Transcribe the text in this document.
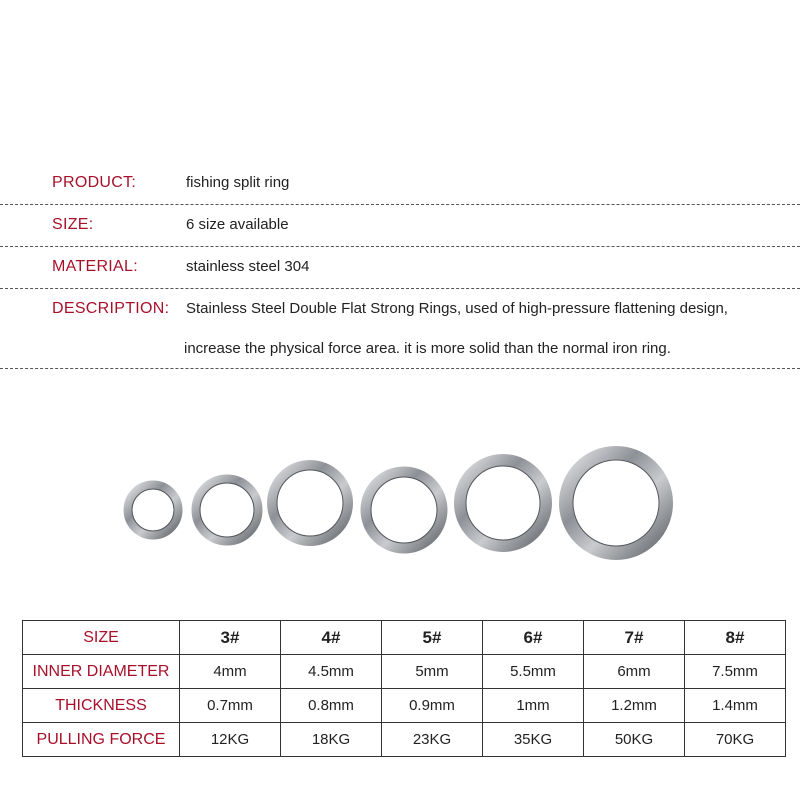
PRODUCT:	fishing split ring
SIZE:	6 size available
MATERIAL:	stainless steel 304
DESCRIPTION: Stainless Steel Double Flat Strong Rings, used of high-pressure flattening design,
increase the physical force area. it is more solid than the normal iron ring.
SIZE	3#	4#	5#	6#	7#	8#
INNER DIAMETER	4mm	4.5mm	5mm	5.5mm	6mm	7.5mm
THICKNESS	0.7mm	0.8mm	0.9mm	1mm	1.2mm	1.4mm
PULLING FORCE	12KG	18KG	23KG	35KG	50KG	70KG
